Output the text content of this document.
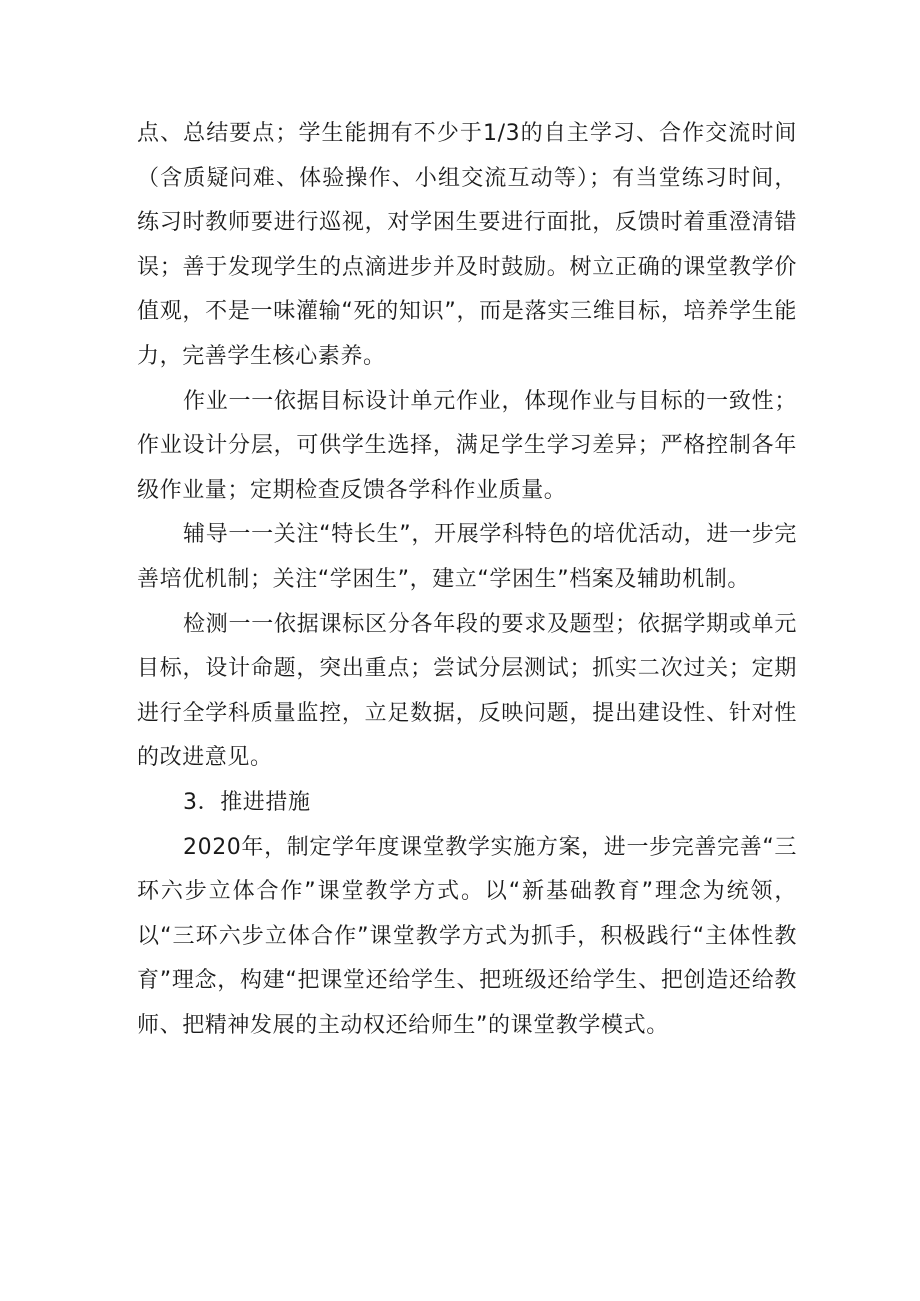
点、总结要点；学生能拥有不少于1/3的自主学习、合作交流时间（含质疑问难、体验操作、小组交流互动等）；有当堂练习时间，练习时教师要进行巡视，对学困生要进行面批，反馈时着重澄清错误；善于发现学生的点滴进步并及时鼓励。树立正确的课堂教学价值观，不是一味灌输“死的知识”，而是落实三维目标，培养学生能力，完善学生核心素养。

作业一一依据目标设计单元作业，体现作业与目标的一致性；作业设计分层，可供学生选择，满足学生学习差异；严格控制各年级作业量；定期检查反馈各学科作业质量。

辅导一一关注“特长生”，开展学科特色的培优活动，进一步完善培优机制；关注“学困生”，建立“学困生”档案及辅助机制。

检测一一依据课标区分各年段的要求及题型；依据学期或单元目标，设计命题，突出重点；尝试分层测试；抓实二次过关；定期进行全学科质量监控，立足数据，反映问题，提出建设性、针对性的改进意见。

3．推进措施

2020年，制定学年度课堂教学实施方案，进一步完善完善“三环六步立体合作”课堂教学方式。以“新基础教育”理念为统领，以“三环六步立体合作”课堂教学方式为抓手，积极践行“主体性教育”理念，构建“把课堂还给学生、把班级还给学生、把创造还给教师、把精神发展的主动权还给师生”的课堂教学模式。
